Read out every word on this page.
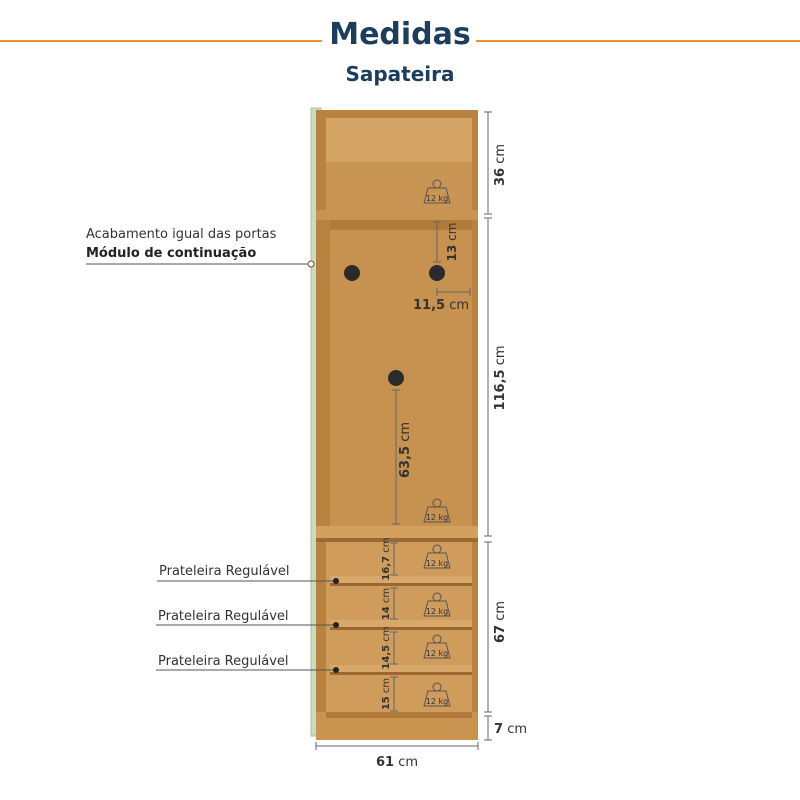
Medidas
Sapateira
12 kg
12 kg
12 kg
12 kg
12 kg
12 kg
13 cm
11,5 cm
63,5 cm
16,7 cm
14 cm
14,5 cm
15 cm
36 cm
116,5 cm
67 cm
7 cm
61 cm
Acabamento igual das portas
Módulo de continuação
Prateleira Regulável
Prateleira Regulável
Prateleira Regulável
